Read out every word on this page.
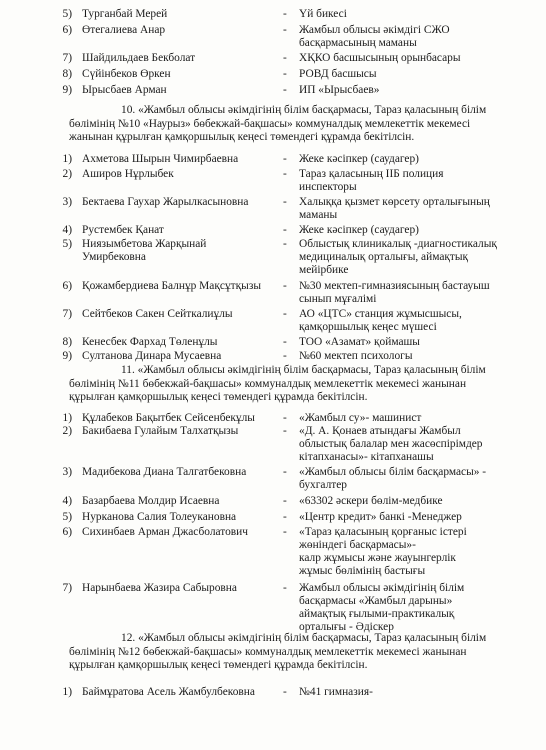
5) Турганбай Мерей	-	Үй бикесі
6) Өтегалиева Анар	-	Жамбыл облысы әкімдігі СЖО
басқармасының маманы
7) Шайдильдаев Бекболат	-	ХҚКО басшысының орынбасары
8) Сүйінбеков Өркен	-	РОВД басшысы
9) Ырысбаев Арман	-	ИП «Ырысбаев»
10. «Жамбыл облысы әкімдігінің білім басқармасы, Тараз қаласының білім
бөлімінің №10 «Наурыз» бөбекжай-бақшасы» коммуналдық мемлекеттік мекемесі
жанынан құрылған қамқоршылық кеңесі төмендегі құрамда бекітілсін.
1) Ахметова Шырын Чимирбаевна	-	Жеке кәсіпкер (саудагер)
2) Аширов Нұрлыбек	-	Тараз қаласының ІІБ полиция
инспекторы
3) Бектаева Гаухар Жарылкасыновна	-	Халыққа қызмет көрсету орталығының
маманы
4) Рустембек Қанат	-	Жеке кәсіпкер (саудагер)
5) Ниязымбетова Жарқынай
Умирбековна
-	Облыстық клиникалық -диагностикалық
медициналық орталығы, аймақтық
мейірбике
6) Қожамбердиева Балнұр Мақсұтқызы	-	№30 мектеп-гимназиясының бастауыш
сынып мұғалімі
7) Сейтбеков Сакен Сейткалиұлы	-	АО «ЦТС» станция жұмысшысы,
қамқоршылық кеңес мүшесі
8) Кенесбек Фархад Төленұлы	-	ТОО «Азамат» қоймашы
9) Султанова Динара Мусаевна	-	№60 мектеп психологы
11. «Жамбыл облысы әкімдігінің білім басқармасы, Тараз қаласының білім
бөлімінің №11 бөбекжай-бақшасы» коммуналдық мемлекеттік мекемесі жанынан
құрылған қамқоршылық кеңесі төмендегі құрамда бекітілсін.
1) Құлабеков Бақытбек Сейсенбекұлы	-	«Жамбыл су»- машинист
2) Бакибаева Гулайым Талхатқызы	-	«Д. А. Қонаев атындағы Жамбыл
облыстық балалар мен жасөспірімдер
кітапханасы»- кітапханашы
3) Мадибекова Диана Талгатбековна	-	«Жамбыл облысы білім басқармасы» -
бухгалтер
4) Базарбаева Молдир Исаевна	-	«63302 әскери бөлім-медбике
5) Нурканова Салия Толеукановна	-	«Центр кредит» банкі -Менеджер
6) Сихинбаев Арман Джасболатович	-	«Тараз қаласының қорғаныс істері
жөніндегі басқармасы»-
калр жұмысы және жауынгерлік
жұмыс бөлімінің бастығы
7) Нарынбаева Жазира Сабыровна	-	Жамбыл облысы әкімдігінің білім
басқармасы «Жамбыл дарыны»
аймақтық ғылыми-практикалық
орталығы - Әдіскер
12. «Жамбыл облысы әкімдігінің білім басқармасы, Тараз қаласының білім
бөлімінің №12 бөбекжай-бақшасы» коммуналдық мемлекеттік мекемесі жанынан
құрылған қамқоршылық кеңесі төмендегі құрамда бекітілсін.
1) Баймұратова Асель Жамбулбековна	-	№41 гимназия-
